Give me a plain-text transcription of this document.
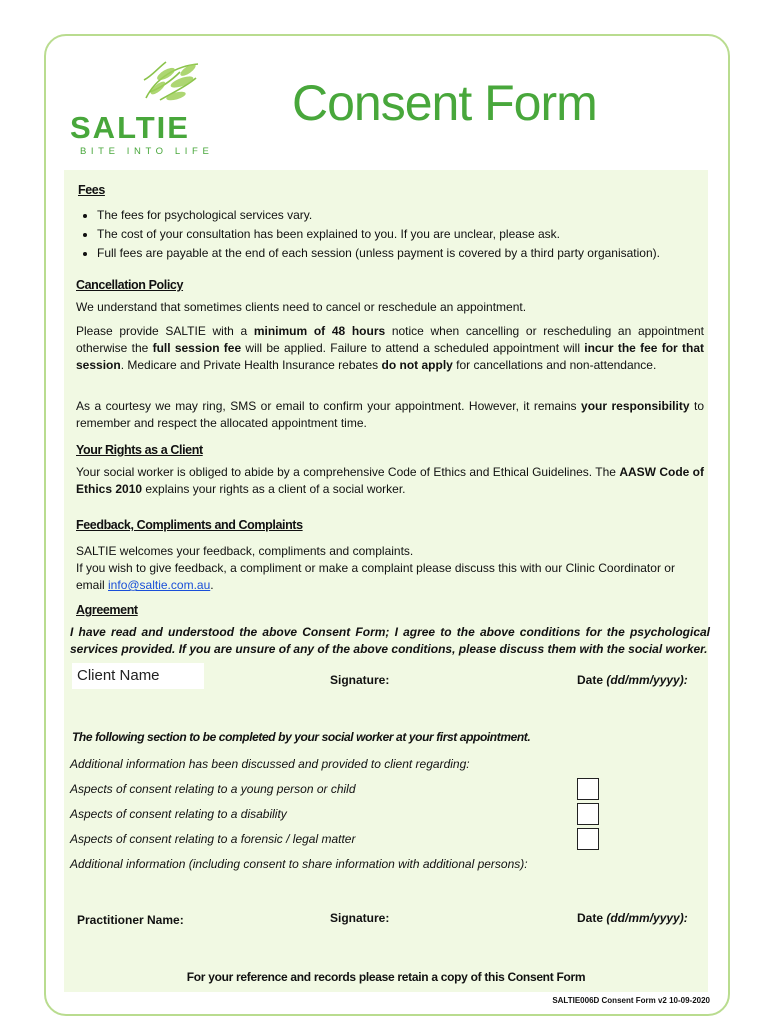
SALTIE
BITE INTO LIFE
Consent Form
Fees
• The fees for psychological services vary.
• The cost of your consultation has been explained to you. If you are unclear, please ask.
• Full fees are payable at the end of each session (unless payment is covered by a third party organisation).
Cancellation Policy
We understand that sometimes clients need to cancel or reschedule an appointment.
Please provide SALTIE with a minimum of 48 hours notice when cancelling or rescheduling an appointment otherwise the full session fee will be applied. Failure to attend a scheduled appointment will incur the fee for that session. Medicare and Private Health Insurance rebates do not apply for cancellations and non-attendance.
As a courtesy we may ring, SMS or email to confirm your appointment. However, it remains your responsibility to remember and respect the allocated appointment time.
Your Rights as a Client
Your social worker is obliged to abide by a comprehensive Code of Ethics and Ethical Guidelines. The AASW Code of Ethics 2010 explains your rights as a client of a social worker.
Feedback, Compliments and Complaints
SALTIE welcomes your feedback, compliments and complaints.
If you wish to give feedback, a compliment or make a complaint please discuss this with our Clinic Coordinator or email info@saltie.com.au.
Agreement
I have read and understood the above Consent Form; I agree to the above conditions for the psychological services provided. If you are unsure of any of the above conditions, please discuss them with the social worker.
Client Name	Signature:	Date (dd/mm/yyyy):
The following section to be completed by your social worker at your first appointment.
Additional information has been discussed and provided to client regarding:
Aspects of consent relating to a young person or child
Aspects of consent relating to a disability
Aspects of consent relating to a forensic / legal matter
Additional information (including consent to share information with additional persons):
Practitioner Name:	Signature:	Date (dd/mm/yyyy):
For your reference and records please retain a copy of this Consent Form
SALTIE006D Consent Form v2 10-09-2020
